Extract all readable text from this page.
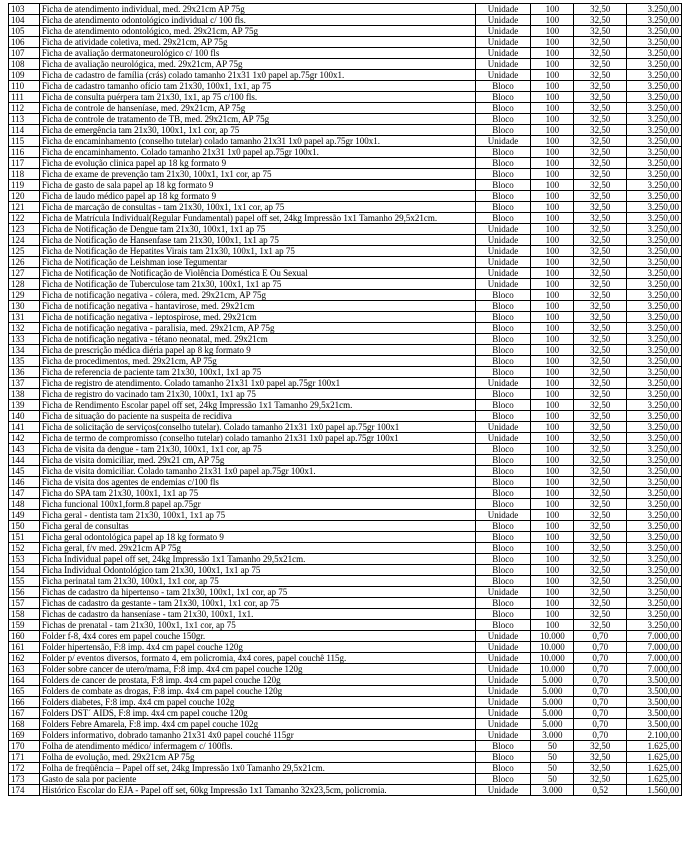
103	Ficha de atendimento individual, med. 29x21cm AP 75g	Unidade	100	32,50	3.250,00
104	Ficha de atendimento odontológico individual c/ 100 fls.	Unidade	100	32,50	3.250,00
105	Ficha de atendimento odontológico, med. 29x21cm, AP 75g	Unidade	100	32,50	3.250,00
106	Ficha de atividade coletiva, med. 29x21cm, AP 75g	Unidade	100	32,50	3.250,00
107	Ficha de avaliação dermatoneurológico c/ 100 fls	Unidade	100	32,50	3.250,00
108	Ficha de avaliação neurológica, med. 29x21cm, AP 75g	Unidade	100	32,50	3.250,00
109	Ficha de cadastro de família (crás) colado tamanho 21x31 1x0 papel ap.75gr 100x1.	Unidade	100	32,50	3.250,00
110	Ficha de cadastro tamanho ofício tam 21x30, 100x1, 1x1, ap 75	Bloco	100	32,50	3.250,00
111	Ficha de consulta puérpera tam 21x30, 1x1, ap 75 c/100 fls.	Bloco	100	32,50	3.250,00
112	Ficha de controle de hanseníase, med. 29x21cm, AP 75g	Bloco	100	32,50	3.250,00
113	Ficha de controle de tratamento de TB, med. 29x21cm, AP 75g	Bloco	100	32,50	3.250,00
114	Ficha de emergência tam 21x30, 100x1, 1x1 cor, ap 75	Bloco	100	32,50	3.250,00
115	Ficha de encaminhamento (conselho tutelar) colado tamanho 21x31 1x0 papel ap.75gr 100x1.	Unidade	100	32,50	3.250,00
116	Ficha de encaminhamento. Colado tamanho 21x31 1x0 papel ap.75gr 100x1.	Bloco	100	32,50	3.250,00
117	Ficha de evolução clinica papel ap 18 kg formato 9	Bloco	100	32,50	3.250,00
118	Ficha de exame de prevenção tam 21x30, 100x1, 1x1 cor, ap 75	Bloco	100	32,50	3.250,00
119	Ficha de gasto de sala papel ap 18 kg formato 9	Bloco	100	32,50	3.250,00
120	Ficha de laudo médico papel ap 18 kg formato 9	Bloco	100	32,50	3.250,00
121	Ficha de marcação de consultas - tam 21x30, 100x1, 1x1 cor, ap 75	Bloco	100	32,50	3.250,00
122	Ficha de Matrícula Individual(Regular Fundamental) papel off set, 24kg Impressão 1x1 Tamanho 29,5x21cm.	Bloco	100	32,50	3.250,00
123	Ficha de Notificação de Dengue tam 21x30, 100x1, 1x1 ap 75	Unidade	100	32,50	3.250,00
124	Ficha de Notificação de Hansenfase tam 21x30, 100x1, 1x1 ap 75	Unidade	100	32,50	3.250,00
125	Ficha de Notificação de Hepatites Virais tam 21x30, 100x1, 1x1 ap 75	Unidade	100	32,50	3.250,00
126	Ficha de Notificação de Leishman iose Tegumentar	Unidade	100	32,50	3.250,00
127	Ficha de Notificação de Notificação de Violência Doméstica E Ou Sexual	Unidade	100	32,50	3.250,00
128	Ficha de Notificação de Tuberculose tam 21x30, 100x1, 1x1 ap 75	Unidade	100	32,50	3.250,00
129	Ficha de notificação negativa - cólera, med. 29x21cm, AP 75g	Bloco	100	32,50	3.250,00
130	Ficha de notificação negativa - hantavirose, med. 29x21cm	Bloco	100	32,50	3.250,00
131	Ficha de notificação negativa - leptospirose, med. 29x21cm	Bloco	100	32,50	3.250,00
132	Ficha de notificação negativa - paralisia, med. 29x21cm, AP 75g	Bloco	100	32,50	3.250,00
133	Ficha de notificação negativa - tétano neonatal, med. 29x21cm	Bloco	100	32,50	3.250,00
134	Ficha de prescrição médica diéria papel ap 8 kg formato 9	Bloco	100	32,50	3.250,00
135	Ficha de procedimentos, med. 29x21cm, AP 75g	Bloco	100	32,50	3.250,00
136	Ficha de referencia de paciente tam 21x30, 100x1, 1x1 ap 75	Bloco	100	32,50	3.250,00
137	Ficha de registro de atendimento. Colado tamanho 21x31 1x0 papel ap.75gr 100x1	Unidade	100	32,50	3.250,00
138	Ficha de registro do vacinado tam 21x30, 100x1, 1x1 ap 75	Bloco	100	32,50	3.250,00
139	Ficha de Rendimento Escolar papel off set, 24kg Impressão 1x1 Tamanho 29,5x21cm.	Bloco	100	32,50	3.250,00
140	Ficha de situação do paciente na suspeita de recidiva	Bloco	100	32,50	3.250,00
141	Ficha de solicitação de serviços(conselho tutelar). Colado tamanho 21x31 1x0 papel ap.75gr 100x1	Unidade	100	32,50	3.250,00
142	Ficha de termo de compromisso (conselho tutelar) colado tamanho 21x31 1x0 papel ap.75gr 100x1	Unidade	100	32,50	3.250,00
143	Ficha de visita da dengue - tam 21x30, 100x1, 1x1 cor, ap 75	Bloco	100	32,50	3.250,00
144	Ficha de visita domiciliar, med. 29x21 cm, AP 75g	Bloco	100	32,50	3.250,00
145	Ficha de visita domiciliar. Colado tamanho 21x31 1x0 papel ap.75gr 100x1.	Bloco	100	32,50	3.250,00
146	Ficha de visita dos agentes de endemias c/100 fls	Bloco	100	32,50	3.250,00
147	Ficha do SPA tam 21x30, 100x1, 1x1 ap 75	Bloco	100	32,50	3.250,00
148	Ficha funcional 100x1,form.8 papel ap.75gr	Bloco	100	32,50	3.250,00
149	Ficha geral - dentista tam 21x30, 100x1, 1x1 ap 75	Unidade	100	32,50	3.250,00
150	Ficha geral de consultas	Bloco	100	32,50	3.250,00
151	Ficha geral odontológica papel ap 18 kg formato 9	Bloco	100	32,50	3.250,00
152	Ficha geral, f/v med. 29x21cm AP 75g	Bloco	100	32,50	3.250,00
153	Ficha Individual papel off set, 24kg Impressão 1x1 Tamanho 29,5x21cm.	Bloco	100	32,50	3.250,00
154	Ficha Individual Odontológico tam 21x30, 100x1, 1x1 ap 75	Bloco	100	32,50	3.250,00
155	Ficha perinatal tam 21x30, 100x1, 1x1 cor, ap 75	Bloco	100	32,50	3.250,00
156	Fichas de cadastro da hipertenso - tam 21x30, 100x1, 1x1 cor, ap 75	Unidade	100	32,50	3.250,00
157	Fichas de cadastro da gestante - tam 21x30, 100x1, 1x1 cor, ap 75	Bloco	100	32,50	3.250,00
158	Fichas de cadastro da hanseníase - tam 21x30, 100x1, 1x1.	Bloco	100	32,50	3.250,00
159	Fichas de prenatal - tam 21x30, 100x1, 1x1 cor, ap 75	Bloco	100	32,50	3.250,00
160	Folder f-8, 4x4 cores em papel couche 150gr.	Unidade	10.000	0,70	7.000,00
161	Folder hipertensão, F:8 imp. 4x4 cm papel couche 120g	Unidade	10.000	0,70	7.000,00
162	Folder p/ eventos diversos, formato 4, em policromia, 4x4 cores, papel couchê 115g.	Unidade	10.000	0,70	7.000,00
163	Folder sobre cancer de utero/mama, F:8 imp. 4x4 cm papel couche 120g	Unidade	10.000	0,70	7.000,00
164	Folders de cancer de prostata, F:8 imp. 4x4 cm papel couche 120g	Unidade	5.000	0,70	3.500,00
165	Folders de combate as drogas, F:8 imp. 4x4 cm papel couche 120g	Unidade	5.000	0,70	3.500,00
166	Folders diabetes, F:8 imp. 4x4 cm papel couche 102g	Unidade	5.000	0,70	3.500,00
167	Folders DST´ AIDS, F:8 imp. 4x4 cm papel couche 120g	Unidade	5.000	0,70	3.500,00
168	Folders Febre Amarela, F:8 imp. 4x4 cm papel couche 102g	Unidade	5.000	0,70	3.500,00
169	Folders informativo, dobrado tamanho 21x31 4x0 papel couché 115gr	Unidade	3.000	0,70	2.100,00
170	Folha de atendimento médico/ infermagem c/ 100fls.	Bloco	50	32,50	1.625,00
171	Folha de evolução, med. 29x21cm AP 75g	Bloco	50	32,50	1.625,00
172	Folha de freqüência – Papel off set, 24kg Impressão 1x0 Tamanho 29,5x21cm.	Bloco	50	32,50	1.625,00
173	Gasto de sala por paciente	Bloco	50	32,50	1.625,00
174	Histórico Escolar do EJA - Papel off set, 60kg Impressão 1x1 Tamanho 32x23,5cm, policromia.	Unidade	3.000	0,52	1.560,00
